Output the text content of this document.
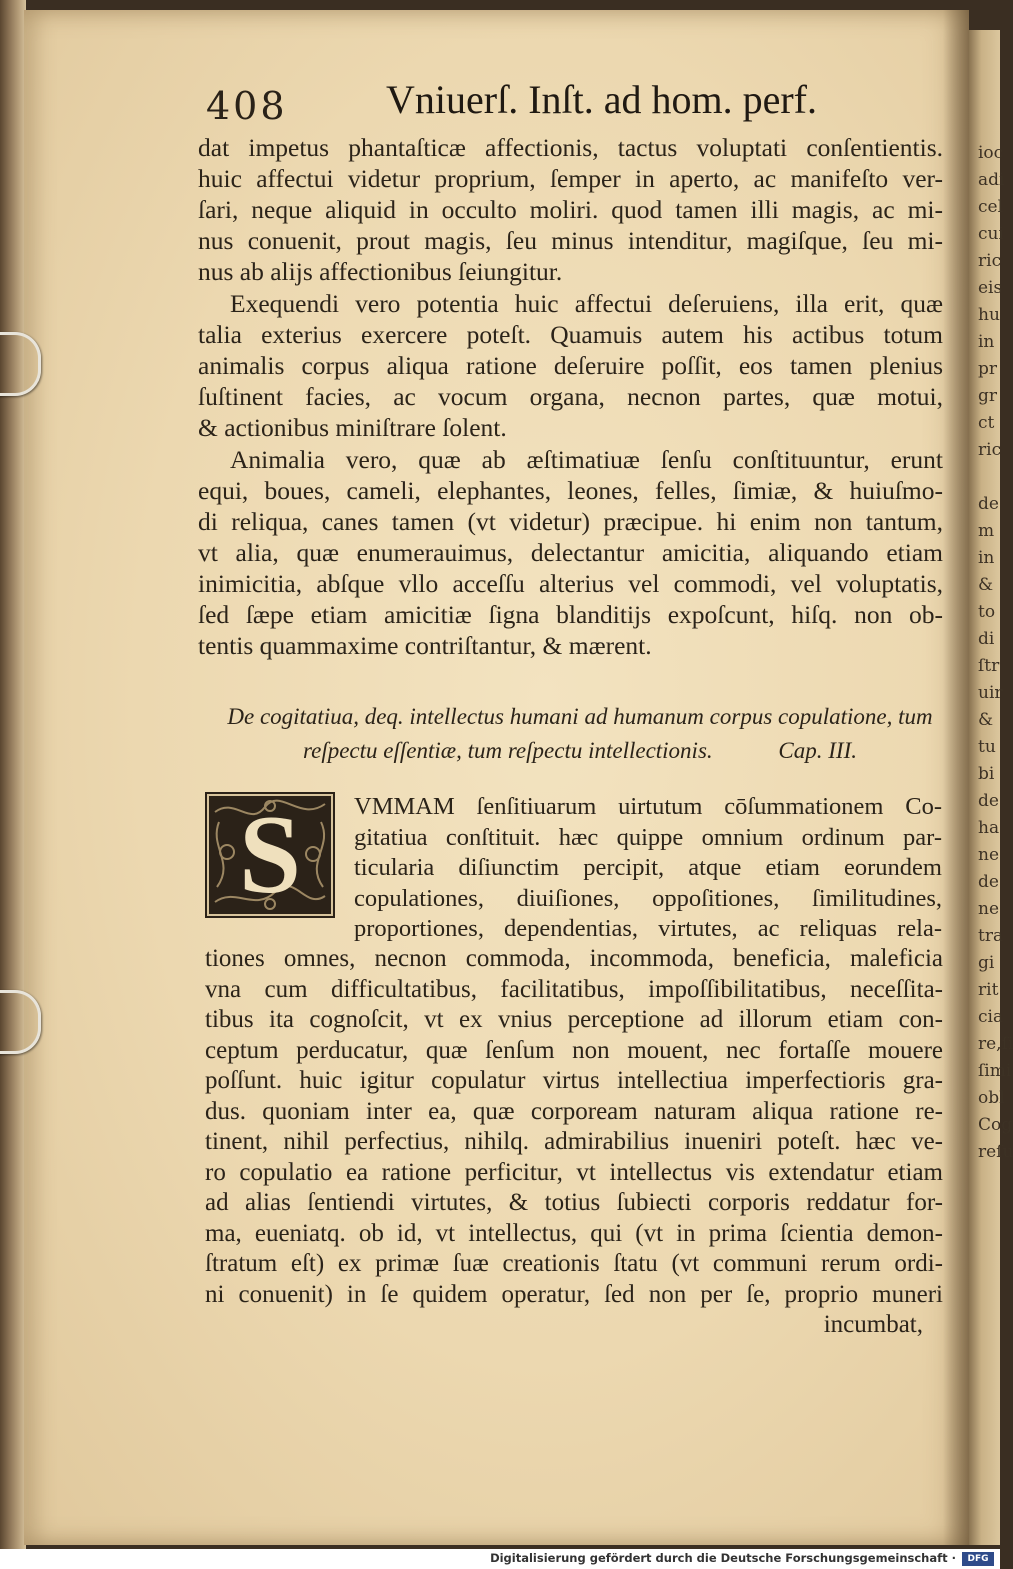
ioc
adi
cel
cui
ric
eis
hu
in
pr
gr
ct
ric

de
m
in
&
to
di
ſtr
uir
&
tu
bi
de
ha
ne
de
ne
tra
gi
rit
cia
re,ſi
ſimi
obl
Cog
reſu
408 Vniuerſ. Inſt. ad hom. perf.
dat impetus phantaſticæ affectionis, tactus voluptati conſentientis.
huic affectui videtur proprium, ſemper in aperto, ac manifeſto ver-
ſari, neque aliquid in occulto moliri. quod tamen illi magis, ac mi-
nus conuenit, prout magis, ſeu minus intenditur, magiſque, ſeu mi-
nus ab alijs affectionibus ſeiungitur.
Exequendi vero potentia huic affectui deſeruiens, illa erit, quæ
talia exterius exercere poteſt. Quamuis autem his actibus totum
animalis corpus aliqua ratione deſeruire poſſit, eos tamen plenius
ſuſtinent facies, ac vocum organa, necnon partes, quæ motui,
& actionibus miniſtrare ſolent.
Animalia vero, quæ ab æſtimatiuæ ſenſu conſtituuntur, erunt
equi, boues, cameli, elephantes, leones, felles, ſimiæ, & huiuſmo-
di reliqua, canes tamen (vt videtur) præcipue. hi enim non tantum,
vt alia, quæ enumerauimus, delectantur amicitia, aliquando etiam
inimicitia, abſque vllo acceſſu alterius vel commodi, vel voluptatis,
ſed ſæpe etiam amicitiæ ſigna blanditijs expoſcunt, hiſq. non ob-
tentis quammaxime contriſtantur, & mærent.
De cogitatiua, deq. intellectus humani ad humanum corpus copulatione, tum
reſpectu eſſentiæ, tum reſpectu intellectionis.	Cap. III.
S VMMAM ſenſitiuarum uirtutum cōſummationem Co-
gitatiua conſtituit. hæc quippe omnium ordinum par-
ticularia diſiunctim percipit, atque etiam eorundem
copulationes, diuiſiones, oppoſitiones, ſimilitudines,
proportiones, dependentias, virtutes, ac reliquas rela-
tiones omnes, necnon commoda, incommoda, beneficia, maleficia
vna cum difficultatibus, facilitatibus, impoſſibilitatibus, neceſſita-
tibus ita cognoſcit, vt ex vnius perceptione ad illorum etiam con-
ceptum perducatur, quæ ſenſum non mouent, nec fortaſſe mouere
poſſunt. huic igitur copulatur virtus intellectiua imperfectioris gra-
dus. quoniam inter ea, quæ corpoream naturam aliqua ratione re-
tinent, nihil perfectius, nihilq. admirabilius inueniri poteſt. hæc ve-
ro copulatio ea ratione perficitur, vt intellectus vis extendatur etiam
ad alias ſentiendi virtutes, & totius ſubiecti corporis reddatur for-
ma, eueniatq. ob id, vt intellectus, qui (vt in prima ſcientia demon-
ſtratum eſt) ex primæ ſuæ creationis ſtatu (vt communi rerum ordi-
ni conuenit) in ſe quidem operatur, ſed non per ſe, proprio muneri
incumbat,
Digitalisierung gefördert durch die Deutsche Forschungsgemeinschaft ·	DFG
